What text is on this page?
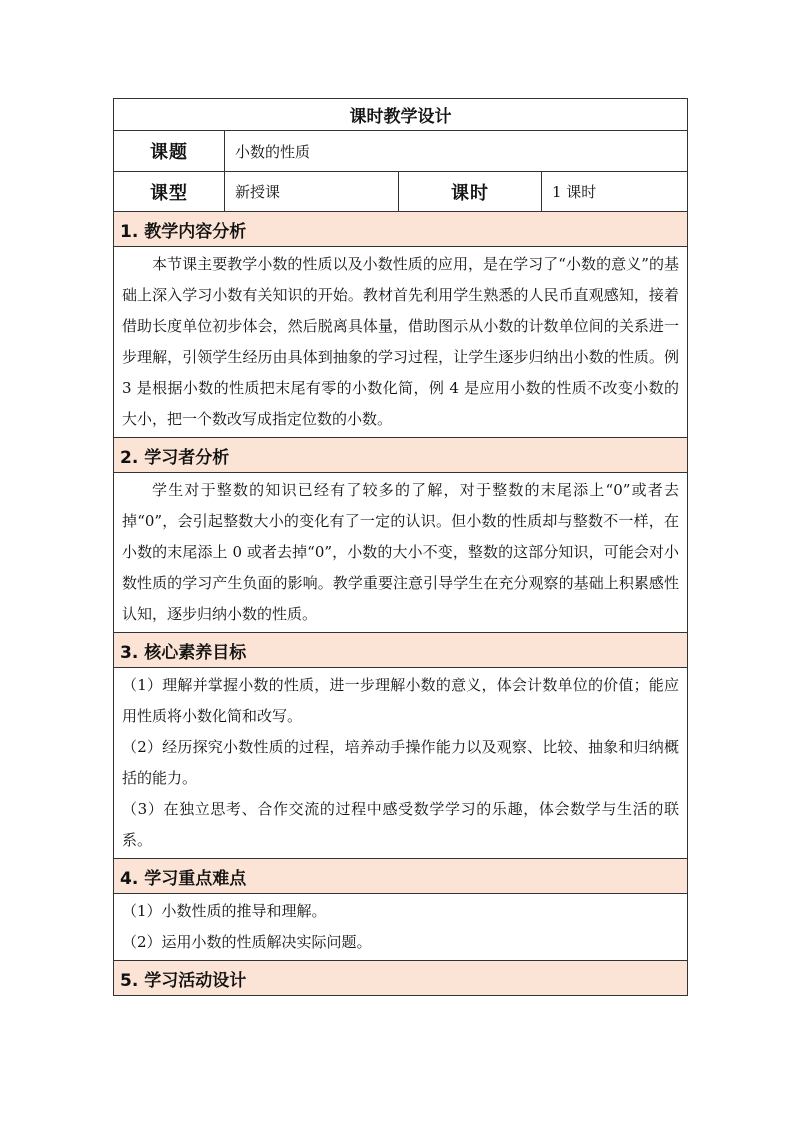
课时教学设计			
课题	小数的性质		
课型	新授课	课时	1 课时
1. 教学内容分析			

本节课主要教学小数的性质以及小数性质的应用，是在学习了“小数的意义”的基础上深入学习小数有关知识的开始。教材首先利用学生熟悉的人民币直观感知，接着借助长度单位初步体会，然后脱离具体量，借助图示从小数的计数单位间的关系进一步理解，引领学生经历由具体到抽象的学习过程，让学生逐步归纳出小数的性质。例 3 是根据小数的性质把末尾有零的小数化简，例 4 是应用小数的性质不改变小数的大小，把一个数改写成指定位数的小数。			

2. 学习者分析			

学生对于整数的知识已经有了较多的了解，对于整数的末尾添上“0”或者去掉“0”，会引起整数大小的变化有了一定的认识。但小数的性质却与整数不一样，在小数的末尾添上 0 或者去掉“0”，小数的大小不变，整数的这部分知识，可能会对小数性质的学习产生负面的影响。教学重要注意引导学生在充分观察的基础上积累感性认知，逐步归纳小数的性质。			

3. 核心素养目标			

（1）理解并掌握小数的性质，进一步理解小数的意义，体会计数单位的价值；能应用性质将小数化简和改写。

（2）经历探究小数性质的过程，培养动手操作能力以及观察、比较、抽象和归纳概括的能力。

（3）在独立思考、合作交流的过程中感受数学学习的乐趣，体会数学与生活的联系。			

4. 学习重点难点			

（1）小数性质的推导和理解。

（2）运用小数的性质解决实际问题。			

5. 学习活动设计			
